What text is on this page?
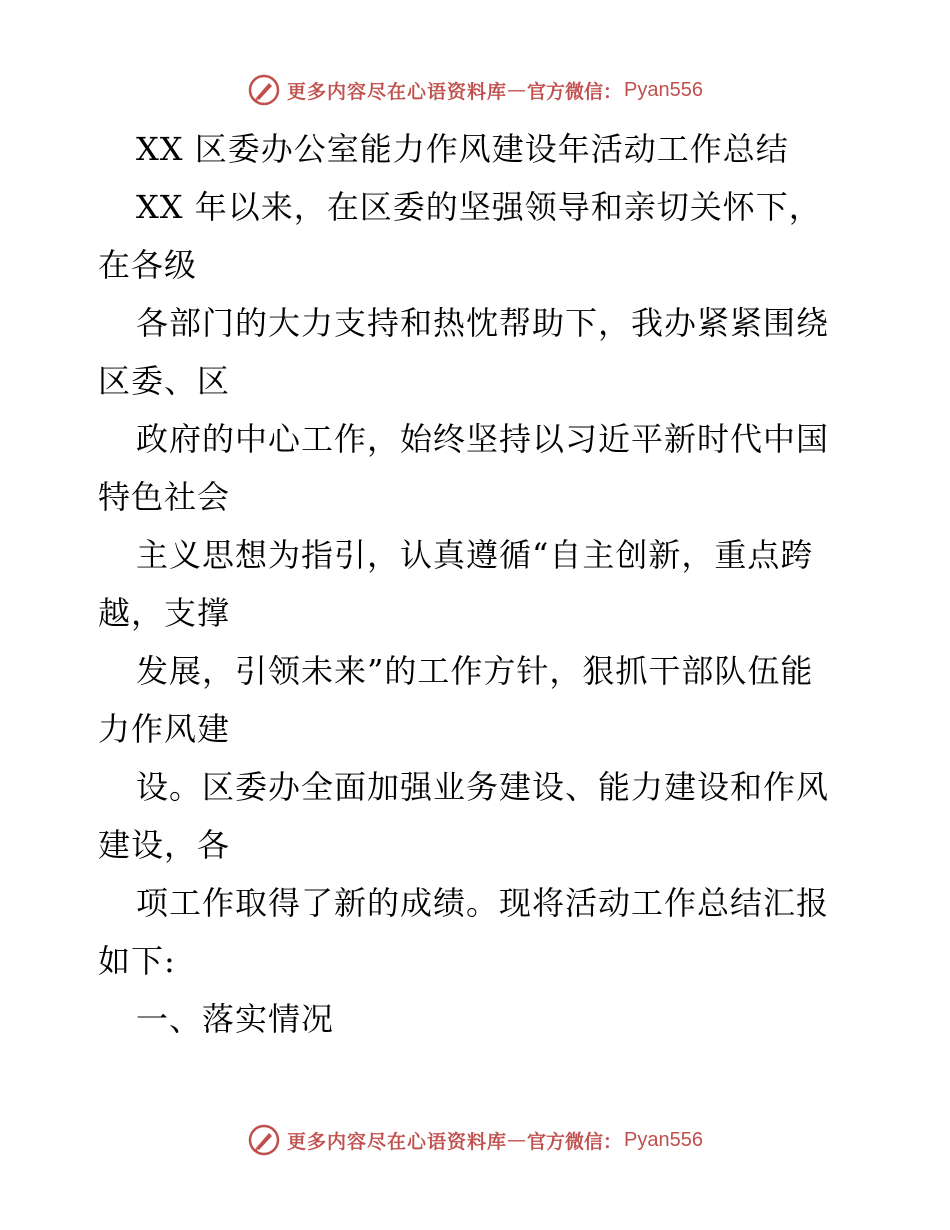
更多内容尽在心语资料库 — 官方微信： Pyan556
XX 区委办公室能力作风建设年活动工作总结
XX 年以来，在区委的坚强领导和亲切关怀下，
在各级
各部门的大力支持和热忱帮助下，我办紧紧围绕
区委、区
政府的中心工作，始终坚持以习近平新时代中国
特色社会
主义思想为指引，认真遵循“自主创新，重点跨
越，支撑
发展，引领未来”的工作方针，狠抓干部队伍能
力作风建
设。区委办全面加强业务建设、能力建设和作风
建设，各
项工作取得了新的成绩。现将活动工作总结汇报
如下:
一、落实情况
更多内容尽在心语资料库 — 官方微信： Pyan556
